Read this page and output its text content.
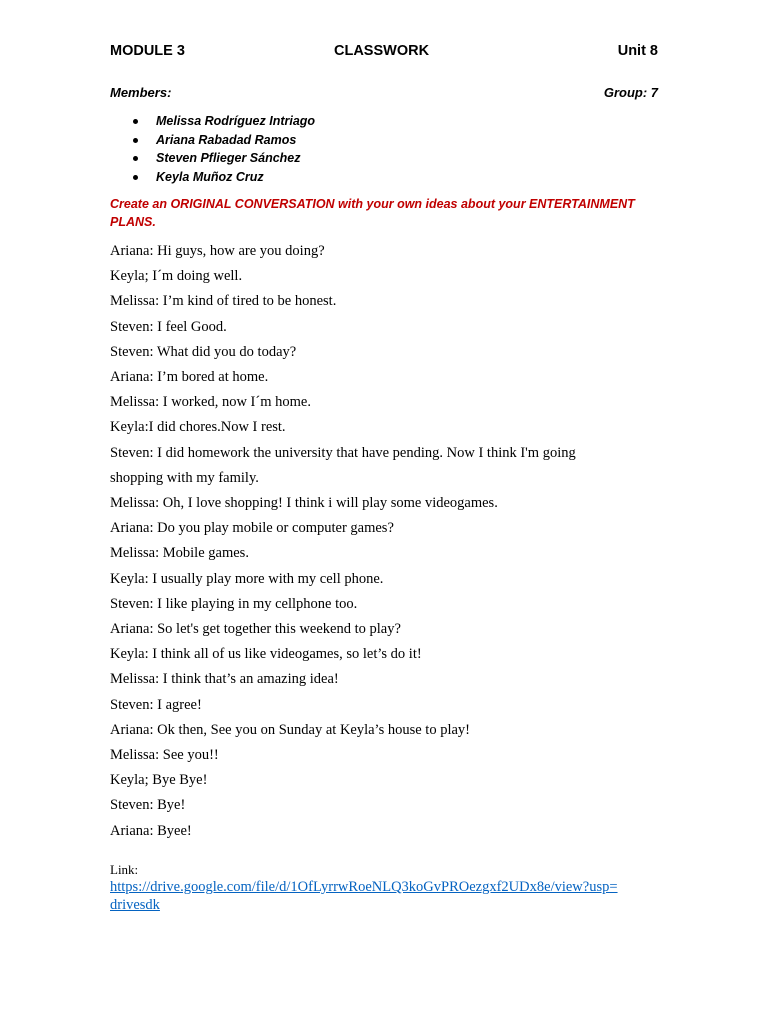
MODULE 3	CLASSWORK	Unit 8
Members:	Group: 7
Melissa Rodríguez Intriago
Ariana Rabadad Ramos
Steven Pflieger Sánchez
Keyla Muñoz Cruz
Create an ORIGINAL CONVERSATION with your own ideas about your ENTERTAINMENT PLANS.

Ariana: Hi guys, how are you doing?

Keyla; I´m doing well.

Melissa: I’m kind of tired to be honest.

Steven: I feel Good.

Steven: What did you do today?

Ariana: I’m bored at home.

Melissa: I worked, now I´m home.

Keyla:I did chores.Now I rest.

Steven: I did homework the university that have pending. Now I think I'm going

shopping with my family.

Melissa: Oh, I love shopping! I think i will play some videogames.

Ariana: Do you play mobile or computer games?

Melissa: Mobile games.

Keyla: I usually play more with my cell phone.

Steven: I like playing in my cellphone too.

Ariana: So let's get together this weekend to play?

Keyla: I think all of us like videogames, so let’s do it!

Melissa: I think that’s an amazing idea!

Steven: I agree!

Ariana: Ok then, See you on Sunday at Keyla’s house to play!

Melissa: See you!!

Keyla; Bye Bye!

Steven: Bye!

Ariana: Byee!

Link:
https://drive.google.com/file/d/1OfLyrrwRoeNLQ3koGvPROezgxf2UDx8e/view?usp=
drivesdk
